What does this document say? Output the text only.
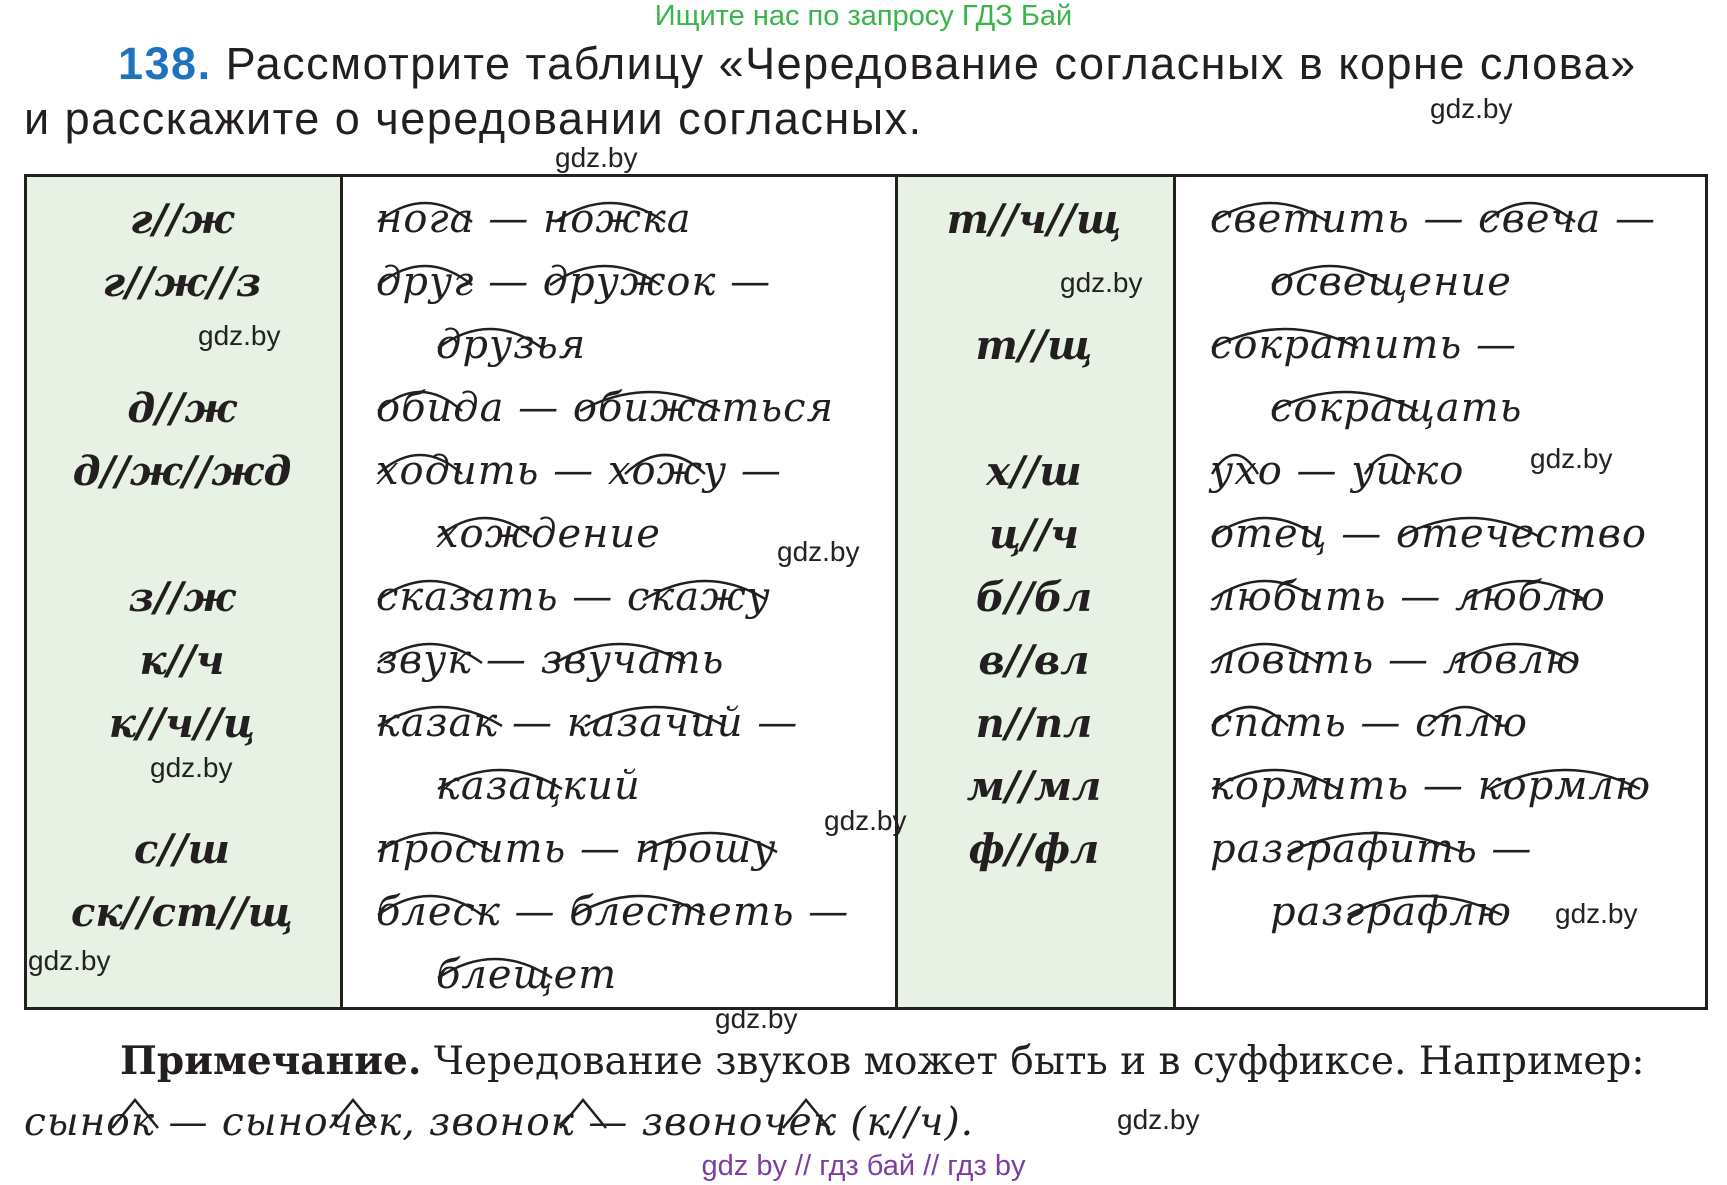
Ищите нас по запросу ГДЗ Бай
138. Рассмотрите таблицу «Чередование согласных в корне слова»
и расскажите о чередовании согласных.
г//ж
г//ж//з
д//ж
д//ж//жд
з//ж
к//ч
к//ч//ц
с//ш
ск//ст//щ
нога — ножка
друг — дружок —
друзья
обида — обижаться
ходить — хожу —
хождение
сказать — скажу
звук — звучать
казак — казачий —
казацкий
просить — прошу
блеск — блестеть —
блещет
т//ч//щ
т//щ
х//ш
ц//ч
б//бл
в//вл
п//пл
м//мл
ф//фл
светить — свеча —
освещение
сократить —
сокращать
ухо — ушко
отец — отечество
любить — люблю
ловить — ловлю
спать — сплю
кормить — кормлю
разграфить —
разграфлю
Примечание. Чередование звуков может быть и в суффиксе. Например:
сынок — сыночек, звонок — звоночек (к//ч).
gdz.by
gdz.by
gdz.by
gdz.by
gdz.by
gdz.by
gdz.by
gdz.by
gdz.by
gdz.by
gdz.by
gdz.by
gdz by // гдз бай // гдз by
